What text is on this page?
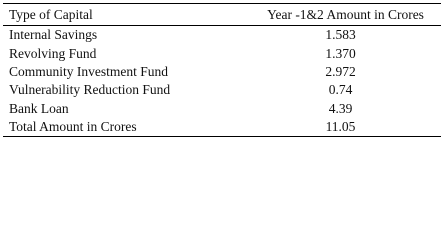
Type of Capital	Year -1&2 Amount in Crores
Internal Savings	1.583
Revolving Fund	1.370
Community Investment Fund	2.972
Vulnerability Reduction Fund	0.74
Bank Loan	4.39
Total Amount in Crores	11.05
